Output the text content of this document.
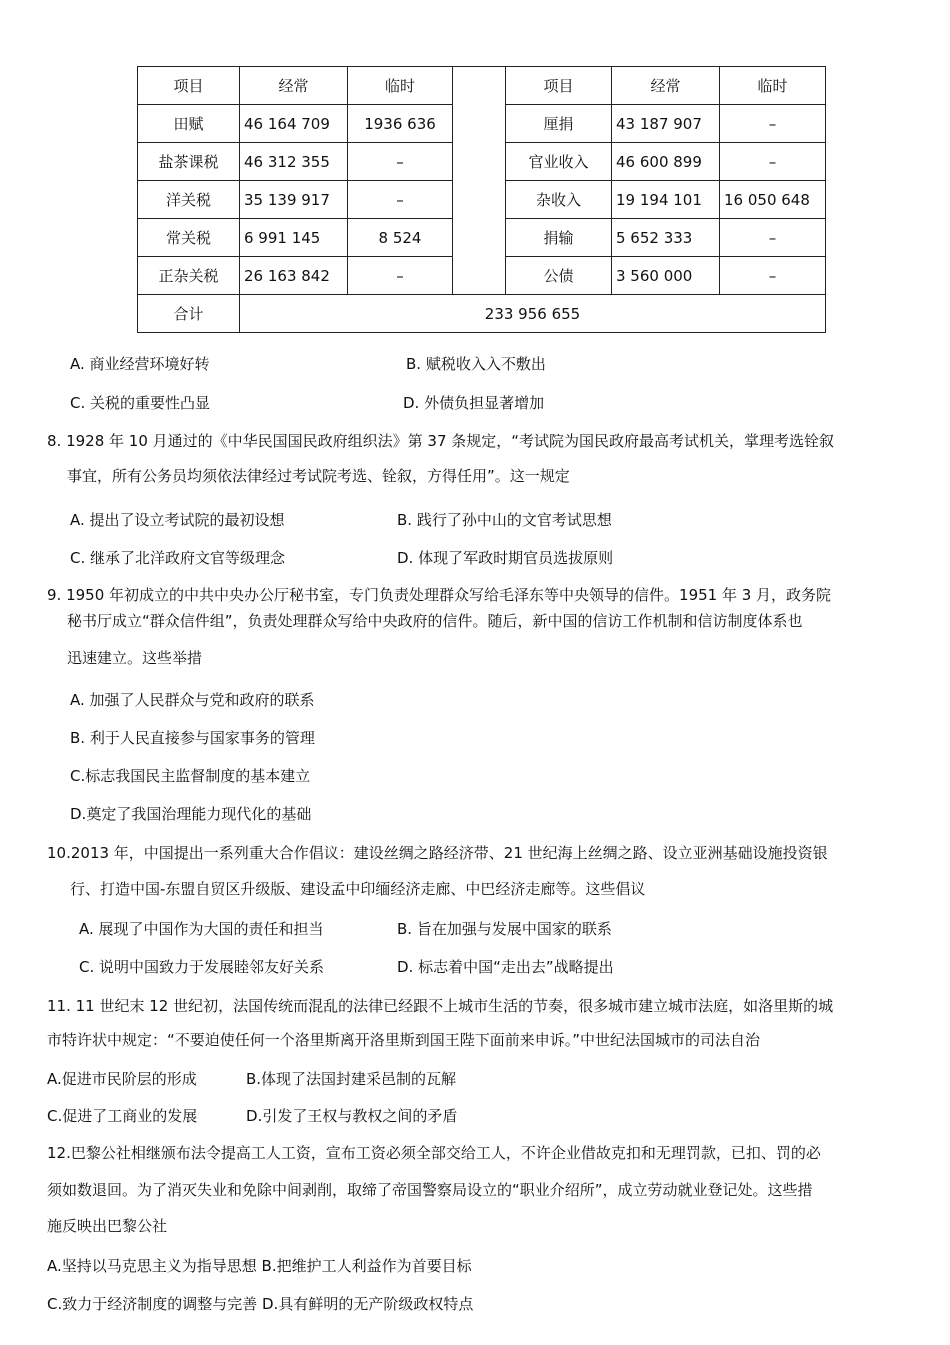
项目	经常	临时		项目	经常	临时
田赋	46 164 709	1936 636		厘捐	43 187 907	–
盐茶课税	46 312 355	–		官业收入	46 600 899	–
洋关税	35 139 917	–		杂收入	19 194 101	16 050 648
常关税	6 991 145	8 524		捐输	5 652 333	–
正杂关税	26 163 842	–		公债	3 560 000	–
合计	233 956 655					
A. 商业经营环境好转	B. 赋税收入入不敷出
C. 关税的重要性凸显	D. 外债负担显著增加
8. 1928 年 10 月通过的《中华民国国民政府组织法》第 37 条规定，“考试院为国民政府最高考试机关，掌理考选铨叙
事宜，所有公务员均须依法律经过考试院考选、铨叙，方得任用”。这一规定
A. 提出了设立考试院的最初设想	B. 践行了孙中山的文官考试思想
C. 继承了北洋政府文官等级理念	D. 体现了军政时期官员选拔原则
9. 1950 年初成立的中共中央办公厅秘书室，专门负责处理群众写给毛泽东等中央领导的信件。1951 年 3 月，政务院
秘书厅成立“群众信件组”，负责处理群众写给中央政府的信件。随后，新中国的信访工作机制和信访制度体系也
迅速建立。这些举措
A. 加强了人民群众与党和政府的联系
B. 利于人民直接参与国家事务的管理
C.标志我国民主监督制度的基本建立
D.奠定了我国治理能力现代化的基础
10.2013 年，中国提出一系列重大合作倡议：建设丝绸之路经济带、21 世纪海上丝绸之路、设立亚洲基础设施投资银
行、打造中国-东盟自贸区升级版、建设孟中印缅经济走廊、中巴经济走廊等。这些倡议
A. 展现了中国作为大国的责任和担当	B. 旨在加强与发展中国家的联系
C. 说明中国致力于发展睦邻友好关系	D. 标志着中国“走出去”战略提出
11. 11 世纪末 12 世纪初，法国传统而混乱的法律已经跟不上城市生活的节奏，很多城市建立城市法庭，如洛里斯的城
市特许状中规定：“不要迫使任何一个洛里斯离开洛里斯到国王陛下面前来申诉。”中世纪法国城市的司法自治
A.促进市民阶层的形成	B.体现了法国封建采邑制的瓦解
C.促进了工商业的发展	D.引发了王权与教权之间的矛盾
12.巴黎公社相继颁布法令提高工人工资，宣布工资必须全部交给工人，不许企业借故克扣和无理罚款，已扣、罚的必
须如数退回。为了消灭失业和免除中间剥削，取缔了帝国警察局设立的“职业介绍所”，成立劳动就业登记处。这些措
施反映出巴黎公社
A.坚持以马克思主义为指导思想 B.把维护工人利益作为首要目标
C.致力于经济制度的调整与完善 D.具有鲜明的无产阶级政权特点
